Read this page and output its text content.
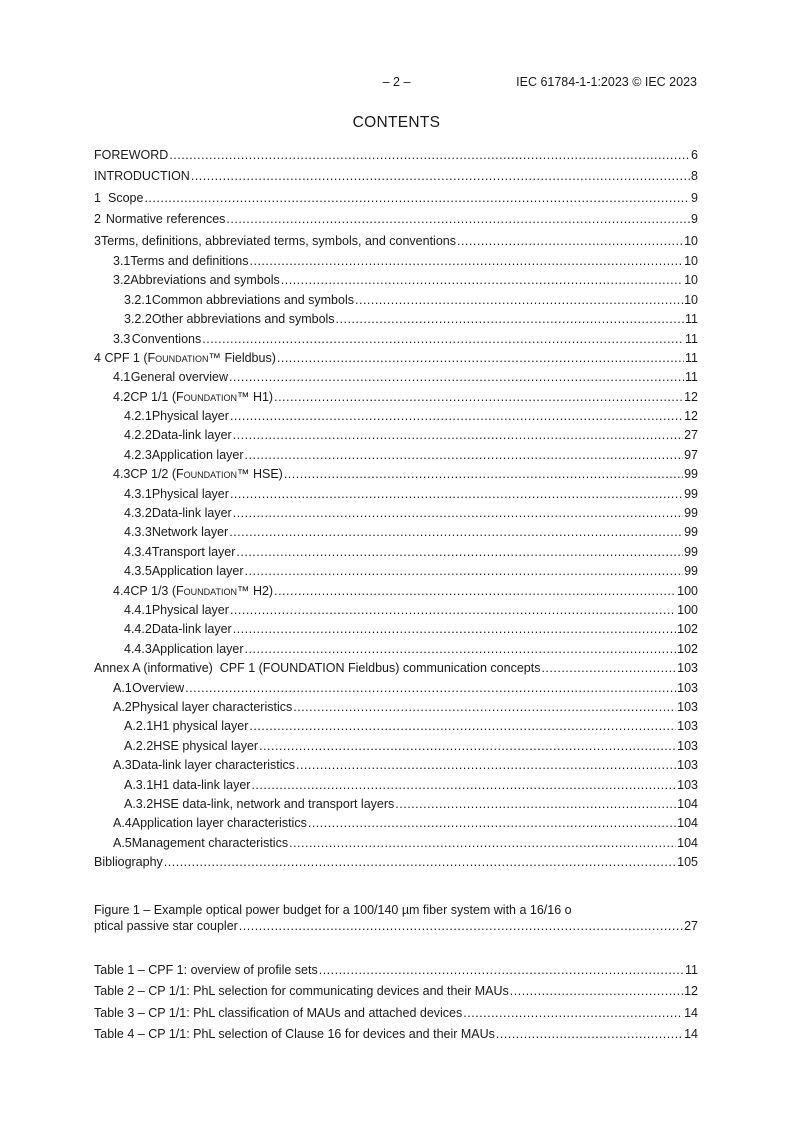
– 2 –	IEC 61784-1-1:2023 © IEC 2023
CONTENTS
FOREWORD .....	6
INTRODUCTION .....	8
1 Scope .....	9
2 Normative references .....	9
3 Terms, definitions, abbreviated terms, symbols, and conventions .....	10
3.1 Terms and definitions .....	10
3.2 Abbreviations and symbols .....	10
3.2.1 Common abbreviations and symbols .....	10
3.2.2 Other abbreviations and symbols .....	11
3.3 Conventions .....	11
4 CPF 1 (Foundation™ Fieldbus) .....	11
4.1 General overview .....	11
4.2 CP 1/1 (Foundation™ H1) .....	12
4.2.1 Physical layer .....	12
4.2.2 Data-link layer .....	27
4.2.3 Application layer .....	97
4.3 CP 1/2 (Foundation™ HSE) .....	99
4.3.1 Physical layer .....	99
4.3.2 Data-link layer .....	99
4.3.3 Network layer .....	99
4.3.4 Transport layer .....	99
4.3.5 Application layer .....	99
4.4 CP 1/3 (Foundation™ H2) .....	100
4.4.1 Physical layer .....	100
4.4.2 Data-link layer .....	102
4.4.3 Application layer .....	102
Annex A (informative)  CPF 1 (FOUNDATION Fieldbus) communication concepts .....	103
A.1 Overview .....	103
A.2 Physical layer characteristics .....	103
A.2.1 H1 physical layer .....	103
A.2.2 HSE physical layer .....	103
A.3 Data-link layer characteristics .....	103
A.3.1 H1 data-link layer .....	103
A.3.2 HSE data-link, network and transport layers .....	104
A.4 Application layer characteristics .....	104
A.5 Management characteristics .....	104
Bibliography .....	105
Figure 1 – Example optical power budget for a 100/140 µm fiber system with a 16/16 o
ptical passive star coupler .....	27
Table 1 – CPF 1: overview of profile sets .....	11
Table 2 – CP 1/1: PhL selection for communicating devices and their MAUs .....	12
Table 3 – CP 1/1: PhL classification of MAUs and attached devices .....	14
Table 4 – CP 1/1: PhL selection of Clause 16 for devices and their MAUs .....	14
